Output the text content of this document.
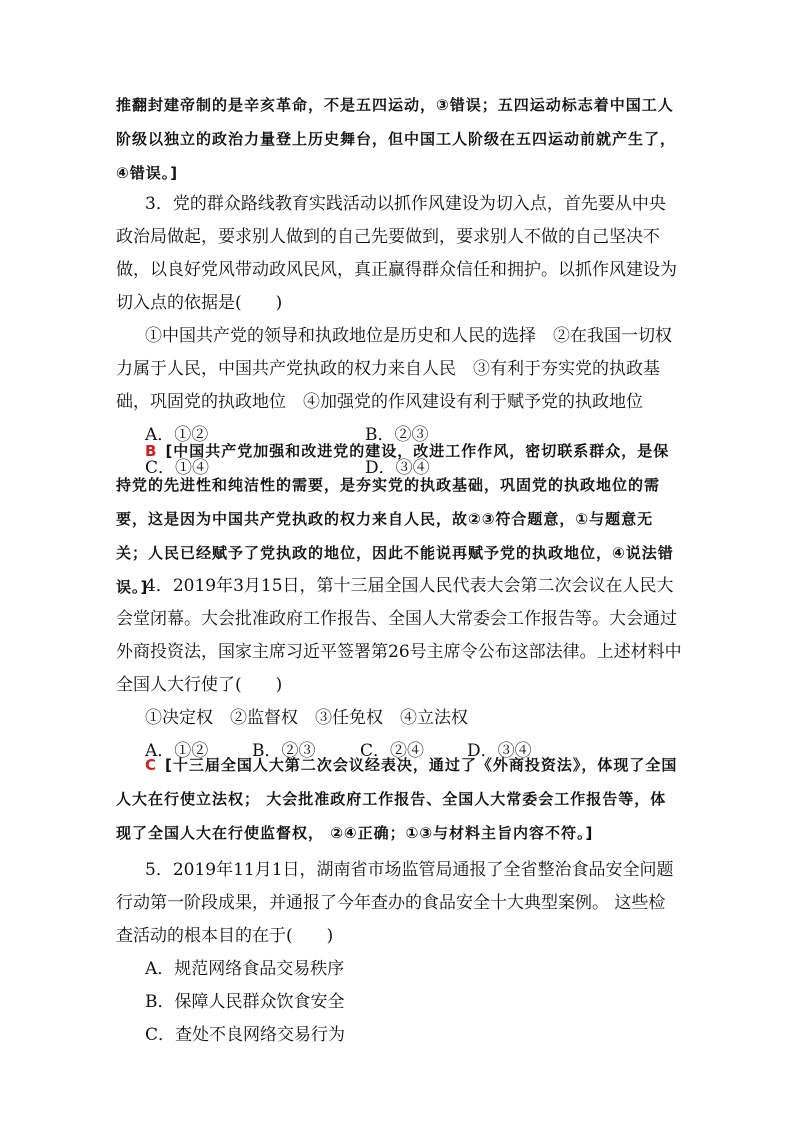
推翻封建帝制的是辛亥革命，不是五四运动，③错误；五四运动标志着中国工人阶级以独立的政治力量登上历史舞台，但中国工人阶级在五四运动前就产生了，④错误。]

3．党的群众路线教育实践活动以抓作风建设为切入点，首先要从中央政治局做起，要求别人做到的自己先要做到，要求别人不做的自己坚决不做，以良好党风带动政风民风，真正赢得群众信任和拥护。以抓作风建设为切入点的依据是(　　)

①中国共产党的领导和执政地位是历史和人民的选择　②在我国一切权力属于人民，中国共产党执政的权力来自人民　③有利于夯实党的执政基础，巩固党的执政地位　④加强党的作风建设有利于赋予党的执政地位

A．①②	B．②③
C．①④	D．③④

B [中国共产党加强和改进党的建设，改进工作作风，密切联系群众，是保持党的先进性和纯洁性的需要，是夯实党的执政基础，巩固党的执政地位的需要，这是因为中国共产党执政的权力来自人民，故②③符合题意，①与题意无关；人民已经赋予了党执政的地位，因此不能说再赋予党的执政地位，④说法错误。]

4．2019年3月15日，第十三届全国人民代表大会第二次会议在人民大会堂闭幕。大会批准政府工作报告、全国人大常委会工作报告等。大会通过外商投资法，国家主席习近平签署第26号主席令公布这部法律。上述材料中全国人大行使了(　　)

①决定权　②监督权　③任免权　④立法权

A．①②	B．②③	C．②④	D．③④

C [十三届全国人大第二次会议经表决，通过了《外商投资法》，体现了全国人大在行使立法权； 大会批准政府工作报告、全国人大常委会工作报告等，体现了全国人大在行使监督权， ②④正确；①③与材料主旨内容不符。]

5．2019年11月1日，湖南省市场监管局通报了全省整治食品安全问题行动第一阶段成果，并通报了今年查办的食品安全十大典型案例。 这些检查活动的根本目的在于(　　)

A．规范网络食品交易秩序

B．保障人民群众饮食安全

C．查处不良网络交易行为
